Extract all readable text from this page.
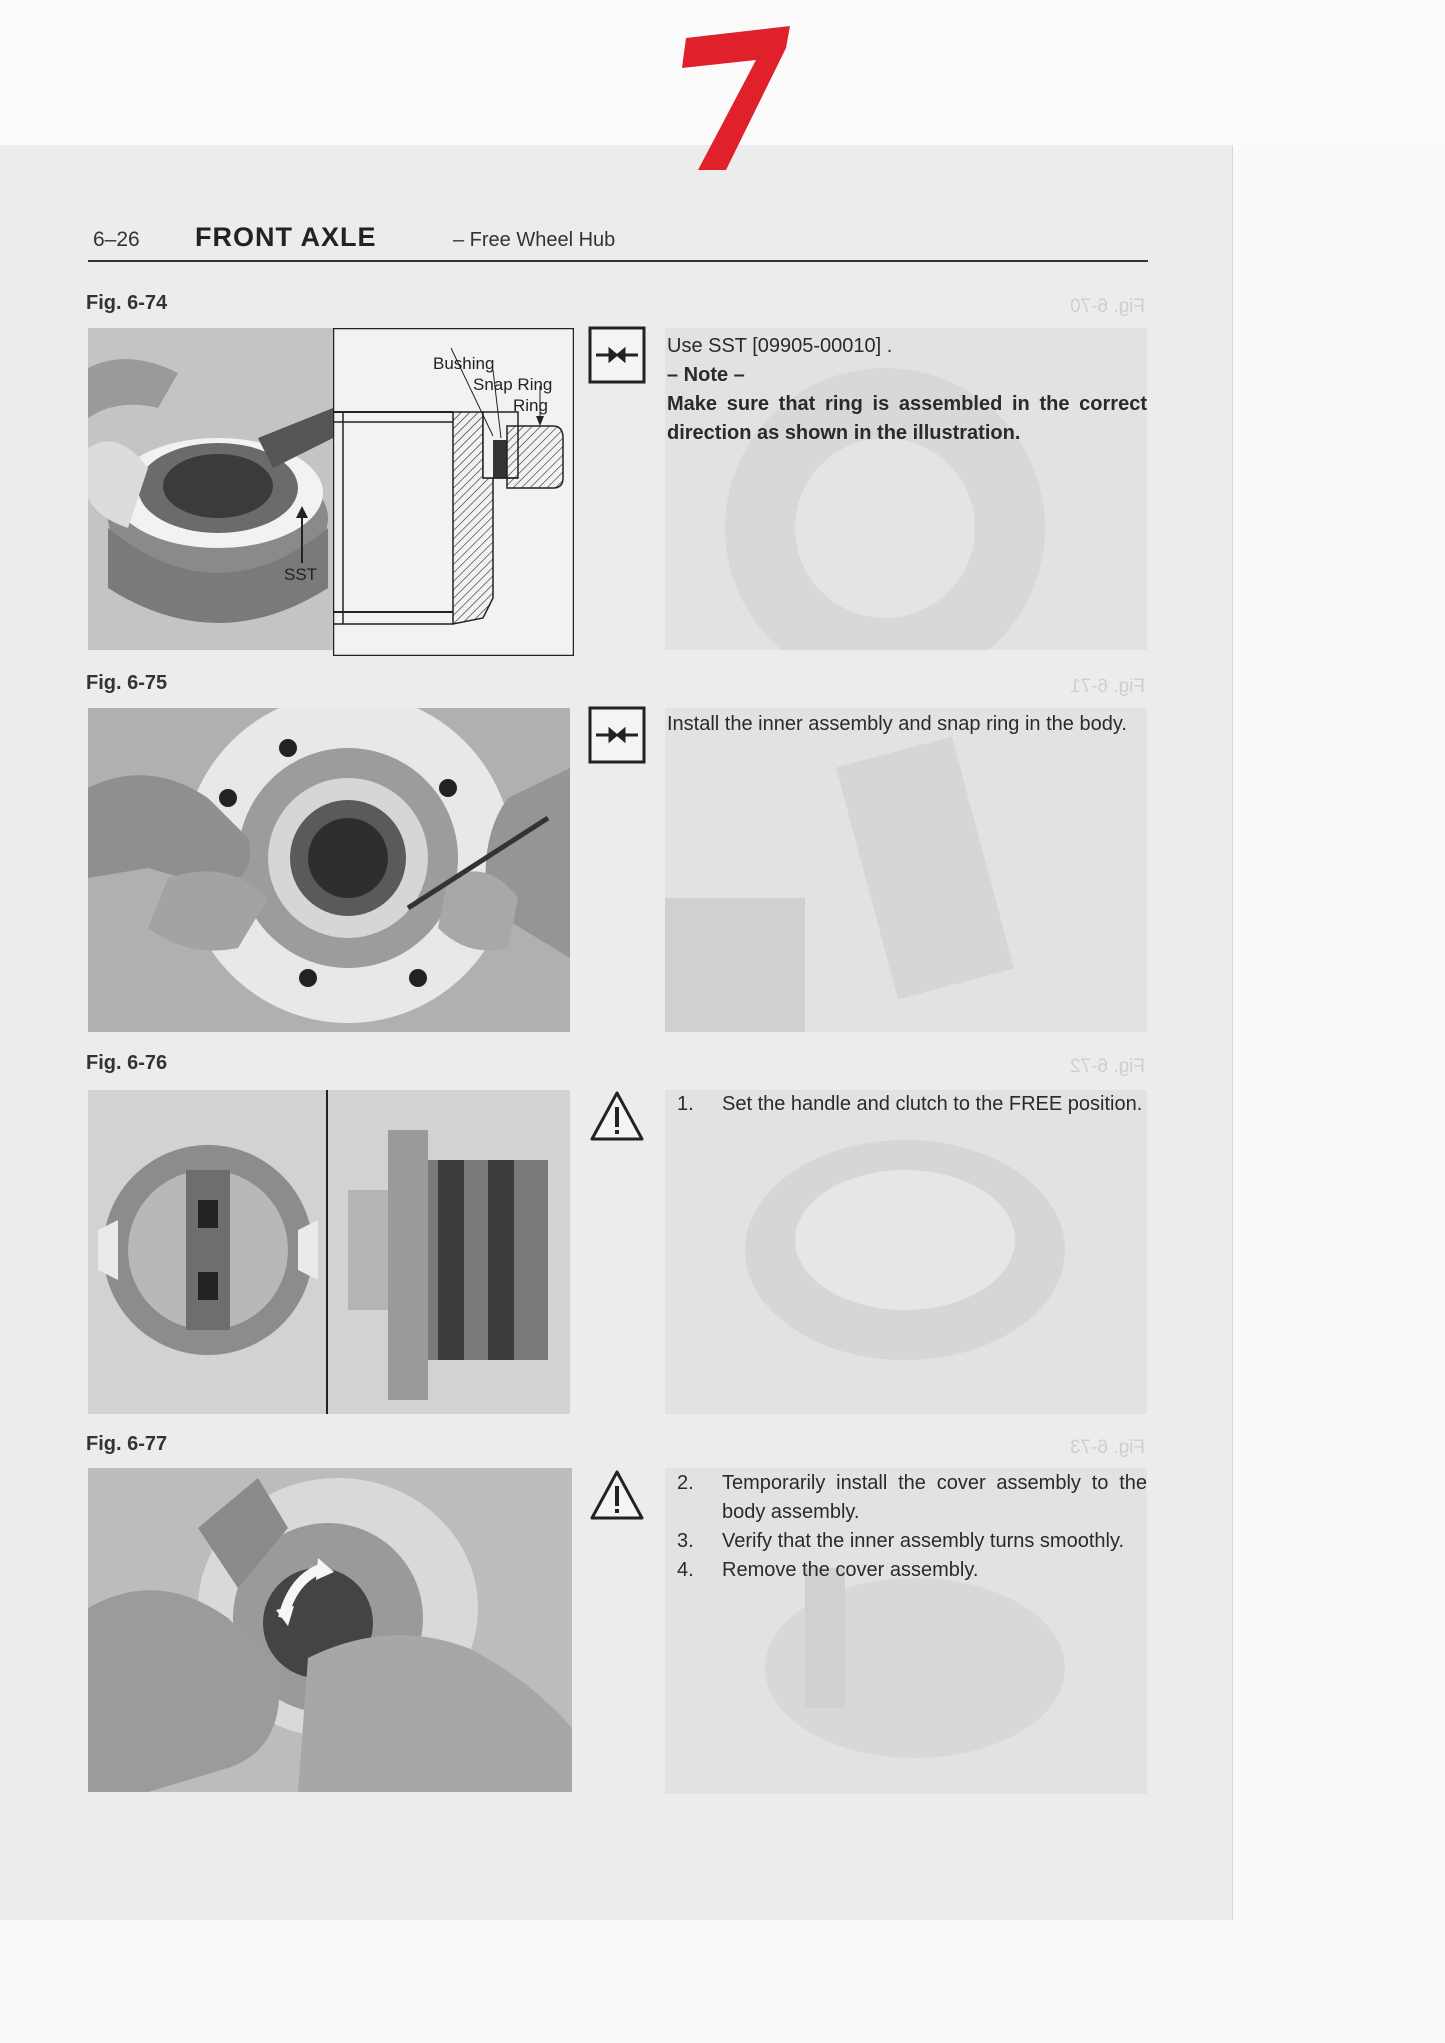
6–26 FRONT AXLE	– Free Wheel Hub
Fig. 6-74	Fig. 6-70
SST
Bushing
Snap Ring
Ring
Use SST [09905-00010] .
– Note –
Make sure that ring is assembled in the correct direction as shown in the illustration.
Fig. 6-75	Fig. 6-71
Install the inner assembly and snap ring in the body.
Fig. 6-76	Fig. 6-72
1.	Set the handle and clutch to the FREE position.
Fig. 6-77	Fig. 6-73
2.	Temporarily install the cover assembly to the body assembly.
3.	Verify that the inner assembly turns smoothly.
4.	Remove the cover assembly.
